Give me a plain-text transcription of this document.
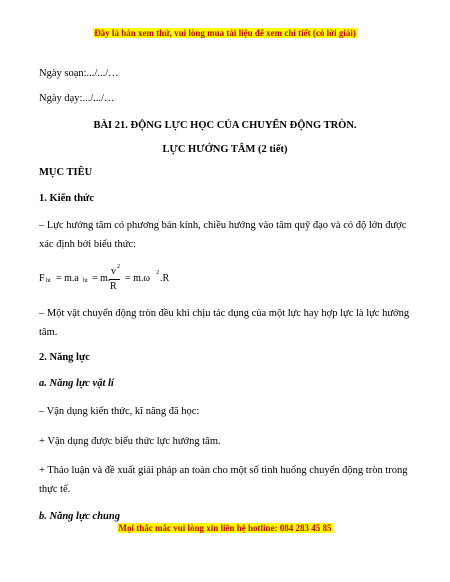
Đây là bản xem thử, vui lòng mua tài liệu để xem chi tiết (có lời giải)
Ngày soạn:.../.../…
Ngày dạy:.../.../…
BÀI 21. ĐỘNG LỰC HỌC CỦA CHUYỂN ĐỘNG TRÒN.
LỰC HƯỚNG TÂM (2 tiết)
MỤC TIÊU
1. Kiến thức
– Lực hướng tâm có phương bán kính, chiều hướng vào tâm quỹ đạo và có độ lớn được xác định bởi biểu thức:
F ht = m.a ht = m.
v 2
R
= m.ω 2 .R
– Một vật chuyển động tròn đều khi chịu tác dụng của một lực hay hợp lực là lực hướng tâm.
2. Năng lực
a. Năng lực vật lí
– Vận dụng kiến thức, kĩ năng đã học:
+ Vận dụng được biểu thức lực hướng tâm.
+ Thảo luận và đề xuất giải pháp an toàn cho một số tình huống chuyển động tròn trong thực tế.
b. Năng lực chung
Mọi thắc mắc vui lòng xin liên hệ hotline: 084 283 45 85
